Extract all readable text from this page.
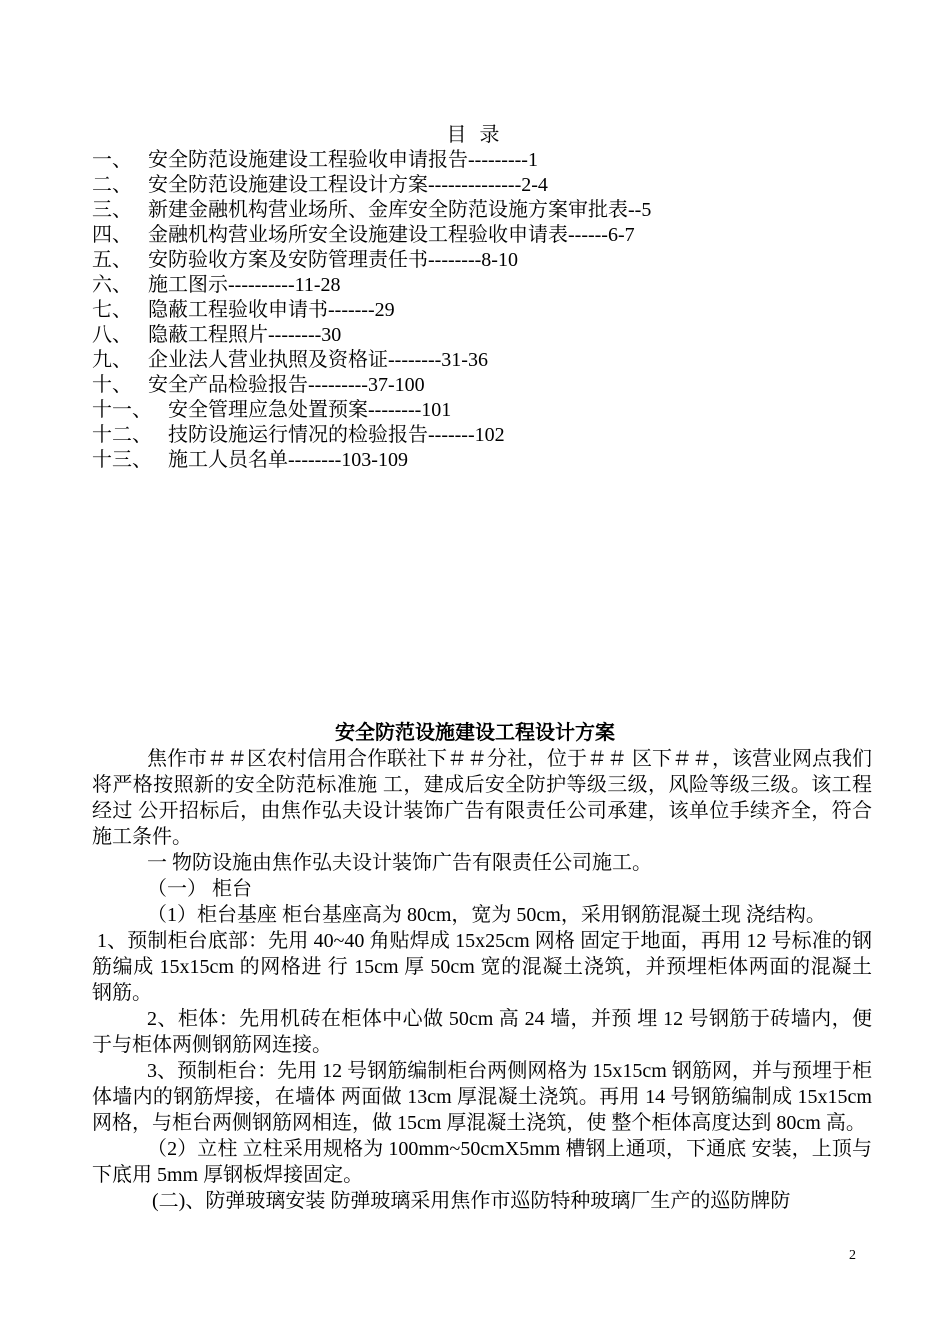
目 录
一、 安全防范设施建设工程验收申请报告---------1
二、 安全防范设施建设工程设计方案--------------2-4
三、 新建金融机构营业场所、金库安全防范设施方案审批表--5
四、 金融机构营业场所安全设施建设工程验收申请表------6-7
五、 安防验收方案及安防管理责任书--------8-10
六、 施工图示----------11-28
七、 隐蔽工程验收申请书-------29
八、 隐蔽工程照片--------30
九、 企业法人营业执照及资格证--------31-36
十、 安全产品检验报告---------37-100
十一、 安全管理应急处置预案--------101
十二、 技防设施运行情况的检验报告-------102
十三、 施工人员名单--------103-109
安全防范设施建设工程设计方案

焦作市＃＃区农村信用合作联社下＃＃分社，位于＃＃ 区下＃＃，该营业网点我们将严格按照新的安全防范标准施 工，建成后安全防护等级三级，风险等级三级。该工程经过 公开招标后，由焦作弘夫设计装饰广告有限责任公司承建，该单位手续齐全，符合施工条件。

一 物防设施由焦作弘夫设计装饰广告有限责任公司施工。

（一） 柜台

（1）柜台基座 柜台基座高为 80cm，宽为 50cm，采用钢筋混凝土现 浇结构。

1、预制柜台底部：先用 40~40 角贴焊成 15x25cm 网格 固定于地面，再用 12 号标准的钢筋编成 15x15cm 的网格进 行 15cm 厚 50cm 宽的混凝土浇筑，并预埋柜体两面的混凝土 钢筋。

2、柜体：先用机砖在柜体中心做 50cm 高 24 墙，并预 埋 12 号钢筋于砖墙内，便于与柜体两侧钢筋网连接。

3、预制柜台：先用 12 号钢筋编制柜台两侧网格为 15x15cm 钢筋网，并与预埋于柜体墙内的钢筋焊接，在墙体 两面做 13cm 厚混凝土浇筑。再用 14 号钢筋编制成 15x15cm 网格，与柜台两侧钢筋网相连，做 15cm 厚混凝土浇筑，使 整个柜体高度达到 80cm 高。

（2）立柱 立柱采用规格为 100mm~50cmX5mm 槽钢上通项，下通底 安装，上顶与下底用 5mm 厚钢板焊接固定。

(二)、防弹玻璃安装 防弹玻璃采用焦作市巡防特种玻璃厂生产的巡防牌防

2
